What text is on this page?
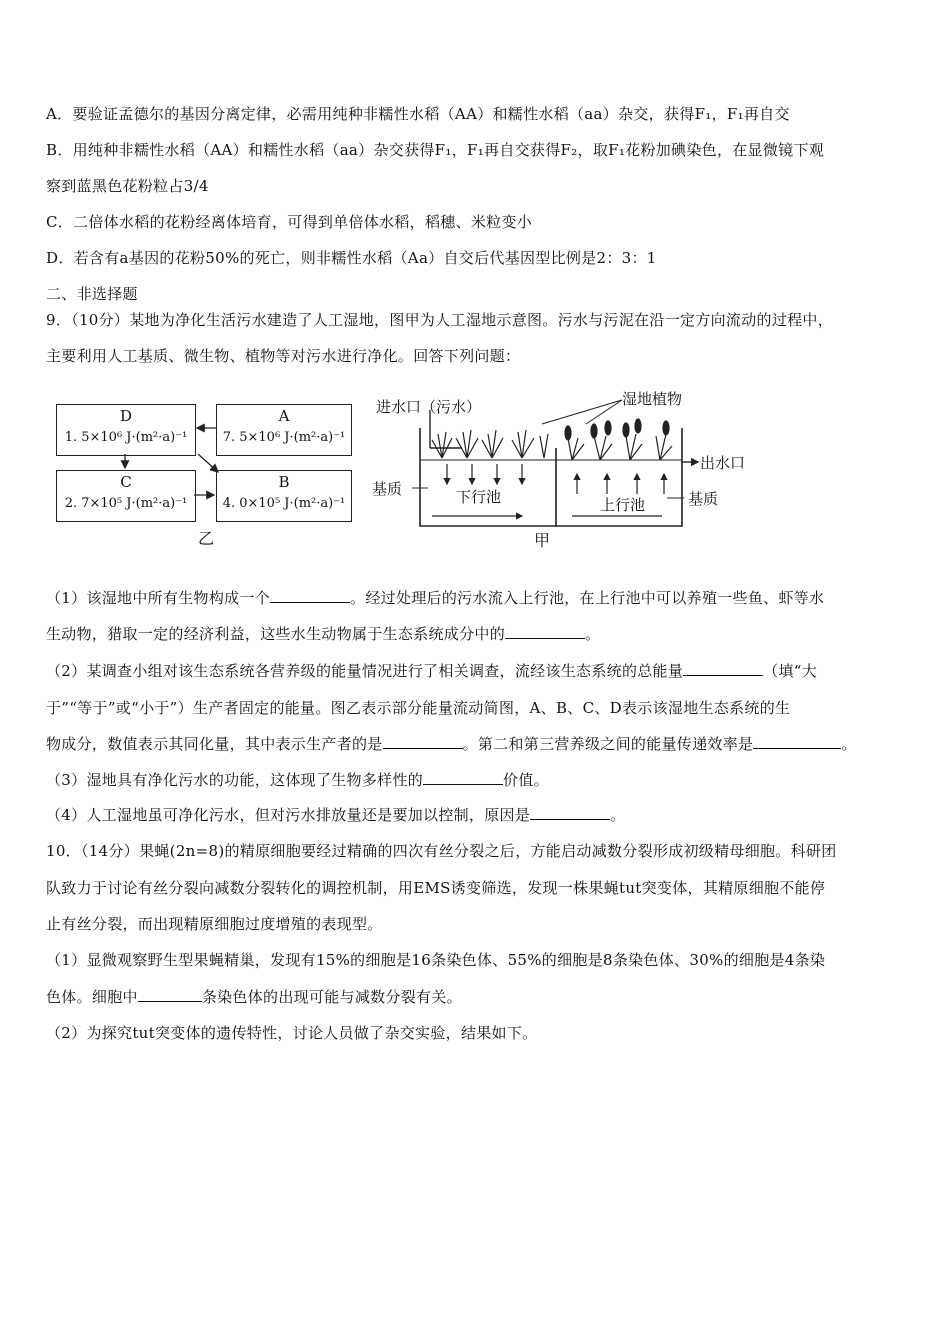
A．要验证孟德尔的基因分离定律，必需用纯种非糯性水稻（AA）和糯性水稻（aa）杂交，获得F₁，F₁再自交
B．用纯种非糯性水稻（AA）和糯性水稻（aa）杂交获得F₁，F₁再自交获得F₂，取F₁花粉加碘染色，在显微镜下观
察到蓝黑色花粉粒占3/4
C．二倍体水稻的花粉经离体培育，可得到单倍体水稻，稻穗、米粒变小
D．若含有a基因的花粉50%的死亡，则非糯性水稻（Aa）自交后代基因型比例是2：3：1
二、非选择题
9．（10分）某地为净化生活污水建造了人工湿地，图甲为人工湿地示意图。污水与污泥在沿一定方向流动的过程中，
主要利用人工基质、微生物、植物等对污水进行净化。回答下列问题：
D
1. 5×10⁶ J·(m²·a)⁻¹
A
7. 5×10⁶ J·(m²·a)⁻¹
C
2. 7×10⁵ J·(m²·a)⁻¹
B
4. 0×10⁵ J·(m²·a)⁻¹
乙
进水口（污水）	湿地植物
出水口
基质
基质
下行池	上行池
甲
（1）该湿地中所有生物构成一个	。经过处理后的污水流入上行池，在上行池中可以养殖一些鱼、虾等水
生动物，猎取一定的经济利益，这些水生动物属于生态系统成分中的	。
（2）某调查小组对该生态系统各营养级的能量情况进行了相关调查，流经该生态系统的总能量	（填“大
于”“等于”或“小于”）生产者固定的能量。图乙表示部分能量流动简图，A、B、C、D表示该湿地生态系统的生
物成分，数值表示其同化量，其中表示生产者的是	。第二和第三营养级之间的能量传递效率是	。
（3）湿地具有净化污水的功能，这体现了生物多样性的	价值。
（4）人工湿地虽可净化污水，但对污水排放量还是要加以控制，原因是	。
10．（14分）果蝇(2n=8)的精原细胞要经过精确的四次有丝分裂之后，方能启动减数分裂形成初级精母细胞。科研团
队致力于讨论有丝分裂向减数分裂转化的调控机制，用EMS诱变筛选，发现一株果蝇tut突变体，其精原细胞不能停
止有丝分裂，而出现精原细胞过度增殖的表现型。
（1）显微观察野生型果蝇精巢，发现有15%的细胞是16条染色体、55%的细胞是8条染色体、30%的细胞是4条染
色体。细胞中	条染色体的出现可能与减数分裂有关。
（2）为探究tut突变体的遗传特性，讨论人员做了杂交实验，结果如下。
